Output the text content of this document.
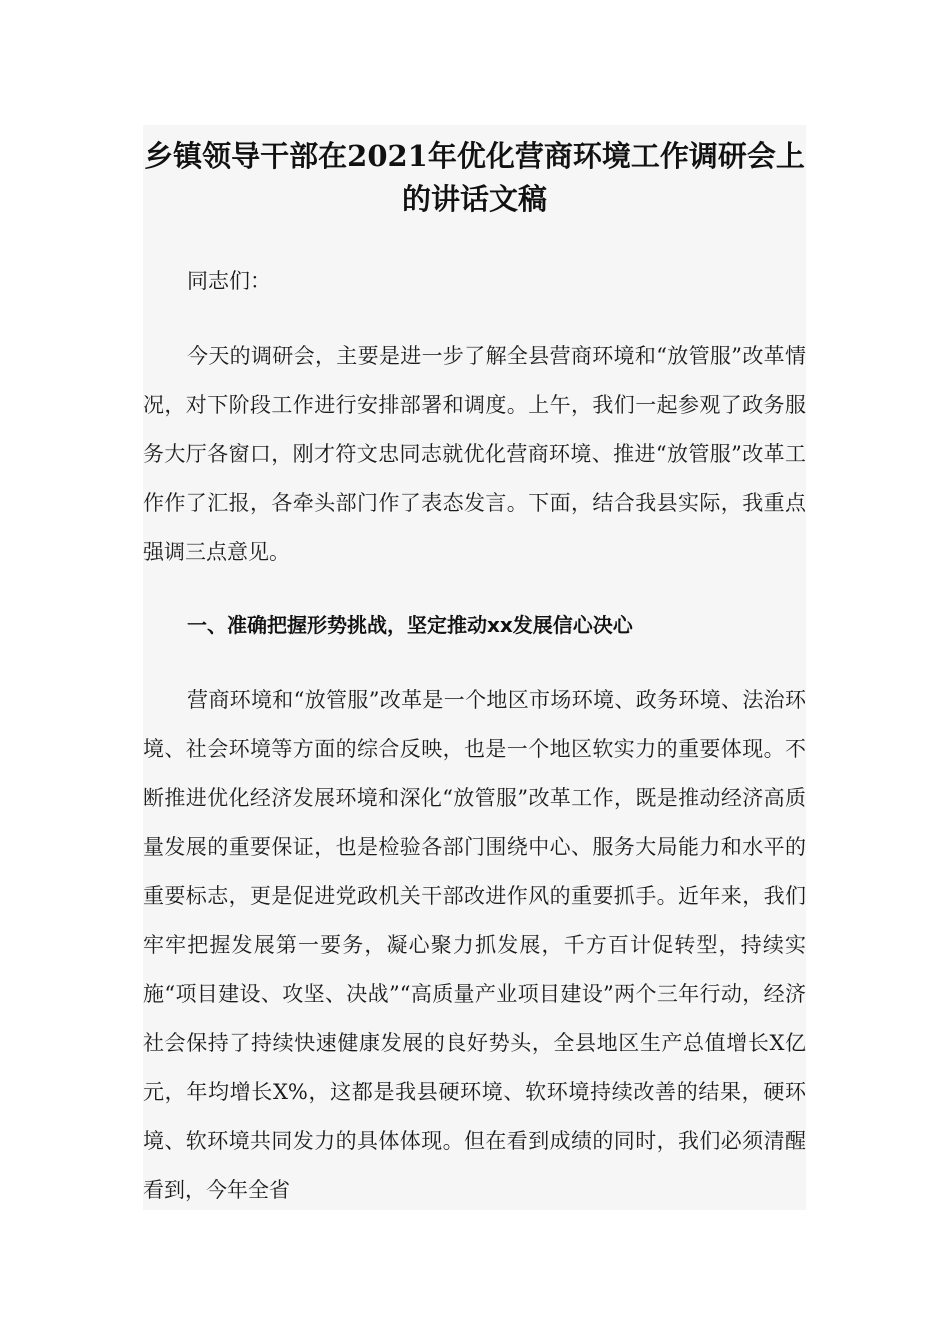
乡镇领导干部在2021年优化营商环境工作调研会上
的讲话文稿

同志们：

今天的调研会，主要是进一步了解全县营商环境和“放管服”改革情况，对下阶段工作进行安排部署和调度。上午，我们一起参观了政务服务大厅各窗口，刚才符文忠同志就优化营商环境、推进“放管服”改革工作作了汇报，各牵头部门作了表态发言。下面，结合我县实际，我重点强调三点意见。

一、准确把握形势挑战，坚定推动xx发展信心决心

营商环境和“放管服”改革是一个地区市场环境、政务环境、法治环境、社会环境等方面的综合反映，也是一个地区软实力的重要体现。不断推进优化经济发展环境和深化“放管服”改革工作，既是推动经济高质量发展的重要保证，也是检验各部门围绕中心、服务大局能力和水平的重要标志，更是促进党政机关干部改进作风的重要抓手。近年来，我们牢牢把握发展第一要务，凝心聚力抓发展，千方百计促转型，持续实施“项目建设、攻坚、决战”“高质量产业项目建设”两个三年行动，经济社会保持了持续快速健康发展的良好势头，全县地区生产总值增长X亿元，年均增长X%，这都是我县硬环境、软环境持续改善的结果，硬环境、软环境共同发力的具体体现。但在看到成绩的同时，我们必须清醒看到，今年全省
